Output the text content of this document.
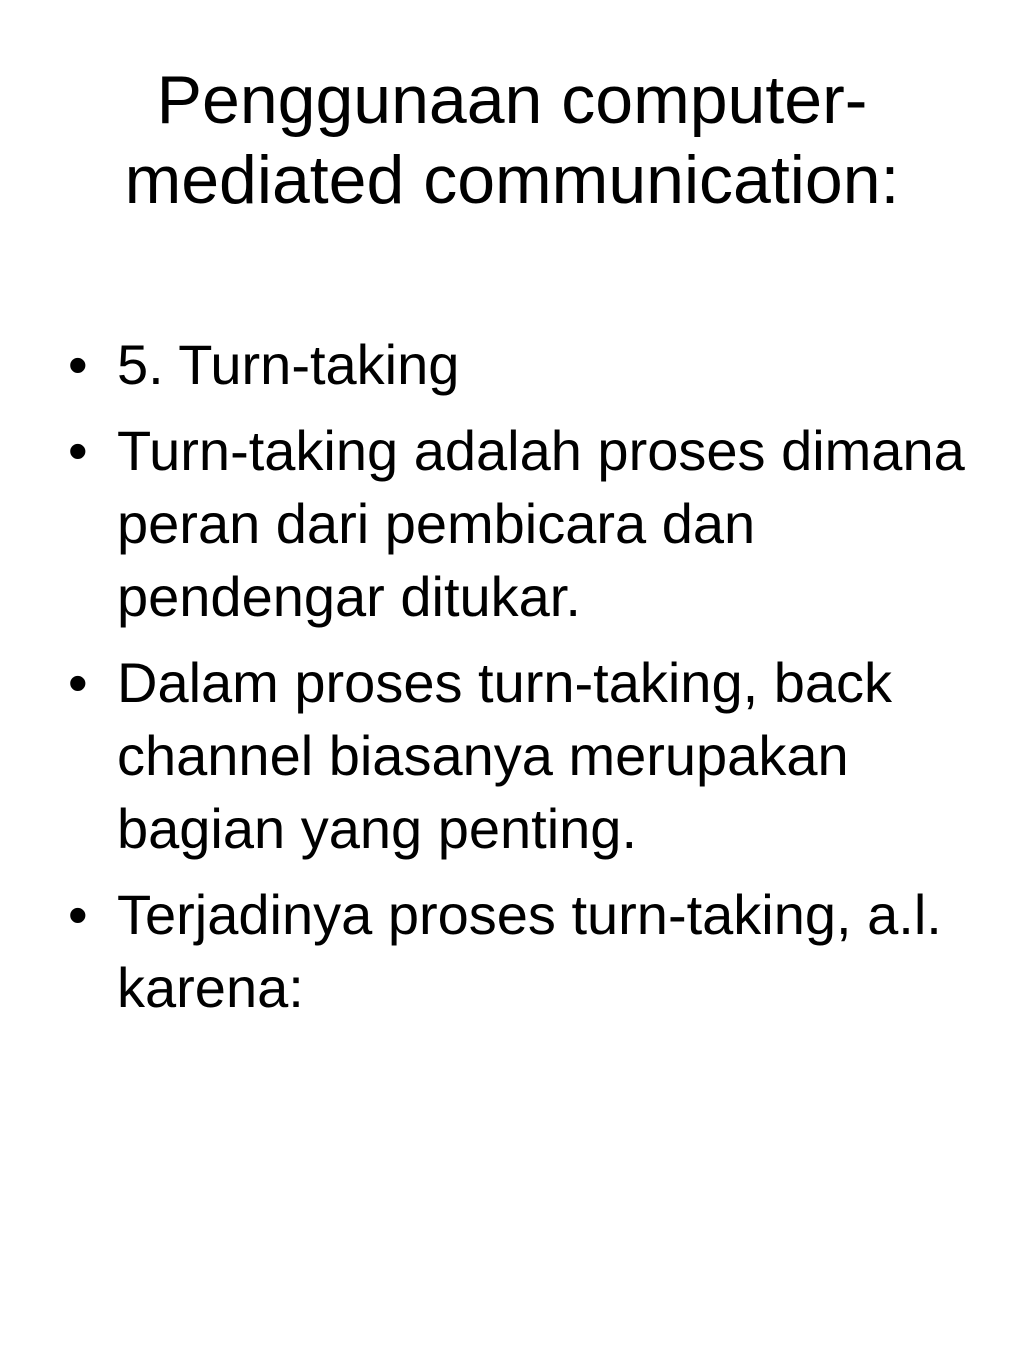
Penggunaan computer-mediated communication:
• 5. Turn-taking
• Turn-taking adalah proses dimana peran dari pembicara dan pendengar ditukar.
• Dalam proses turn-taking, back channel biasanya merupakan bagian yang penting.
• Terjadinya proses turn-taking, a.l. karena:
